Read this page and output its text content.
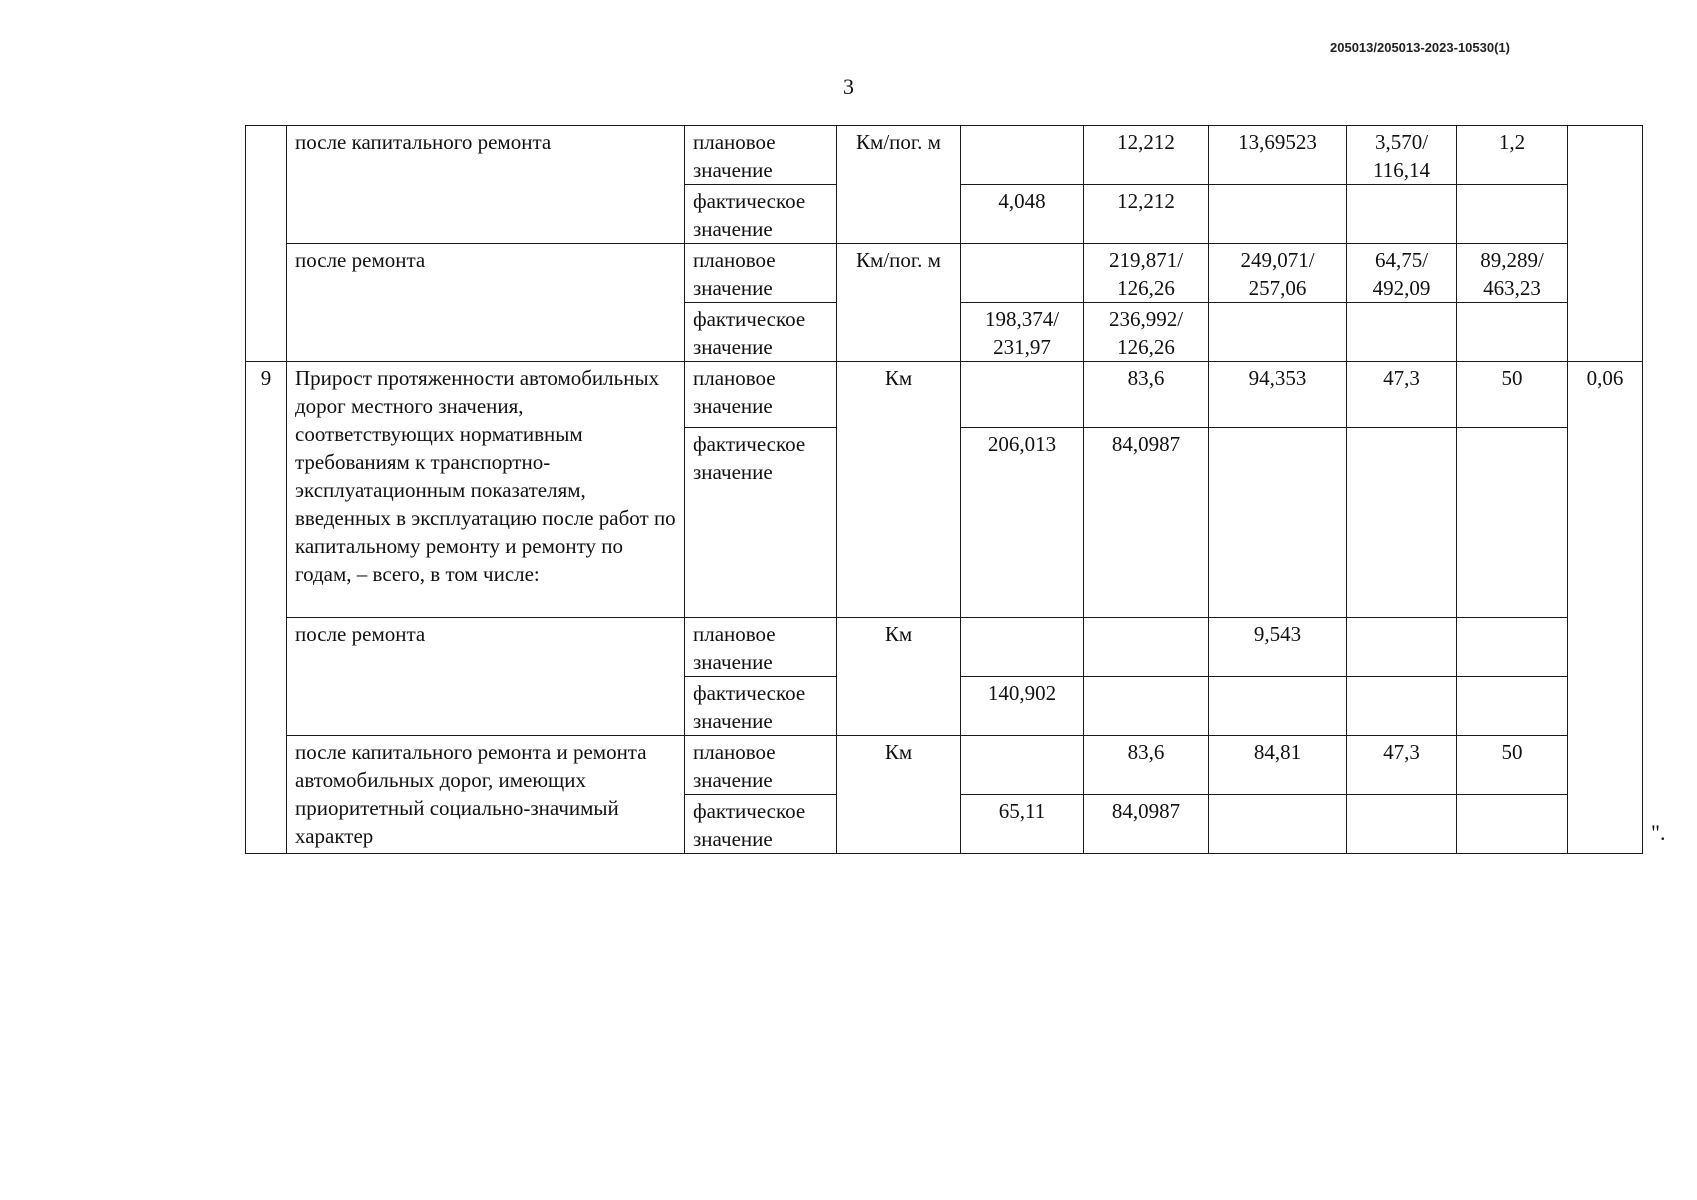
205013/205013-2023-10530(1)
3
	после капитального ремонта	плановое значение	Км/пог. м		12,212	13,69523	3,570/ 116,14	1,2	
		фактическое значение		4,048	12,212				
	после ремонта	плановое значение	Км/пог. м		219,871/ 126,26	249,071/ 257,06	64,75/ 492,09	89,289/ 463,23	
		фактическое значение		198,374/ 231,97	236,992/ 126,26				
9	Прирост протяженности автомобильных дорог местного значения, соответствующих нормативным требованиям к транспортно-эксплуатационным показателям, введенных в эксплуатацию после работ по капитальному ремонту и ремонту по годам, – всего, в том числе:	плановое значение	Км		83,6	94,353	47,3	50	0,06
		фактическое значение		206,013	84,0987				
	после ремонта	плановое значение	Км			9,543			
		фактическое значение		140,902					
	после капитального ремонта и ремонта автомобильных дорог, имеющих приоритетный социально-значимый характер	плановое значение	Км		83,6	84,81	47,3	50	
		фактическое значение		65,11	84,0987				
".
